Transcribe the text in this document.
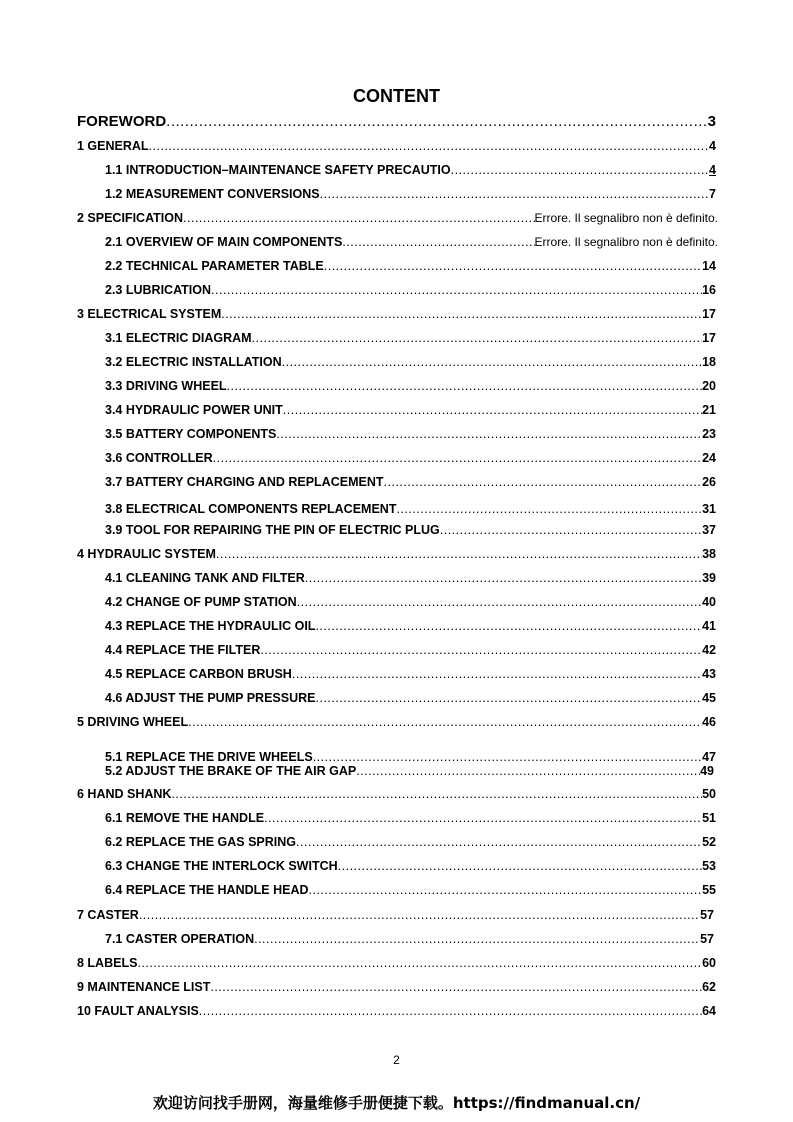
CONTENT
FOREWORD .....	3
1 GENERAL .....	4
1.1 INTRODUCTION–MAINTENANCE SAFETY PRECAUTIO .....	4
1.2 MEASUREMENT CONVERSIONS .....	7
2 SPECIFICATION .....	Errore. Il segnalibro non è definito.
2.1 OVERVIEW OF MAIN COMPONENTS .....	Errore. Il segnalibro non è definito.
2.2 TECHNICAL PARAMETER TABLE .....	14
2.3 LUBRICATION .....	16
3 ELECTRICAL SYSTEM .....	17
3.1 ELECTRIC DIAGRAM .....	17
3.2 ELECTRIC INSTALLATION .....	18
3.3 DRIVING WHEEL .....	20
3.4 HYDRAULIC POWER UNIT .....	21
3.5 BATTERY COMPONENTS .....	23
3.6 CONTROLLER .....	24
3.7 BATTERY CHARGING AND REPLACEMENT .....	26
3.8 ELECTRICAL COMPONENTS REPLACEMENT .....	31
3.9 TOOL FOR REPAIRING THE PIN OF ELECTRIC PLUG .....	37
4 HYDRAULIC SYSTEM .....	38
4.1 CLEANING TANK AND FILTER .....	39
4.2 CHANGE OF PUMP STATION .....	40
4.3 REPLACE THE HYDRAULIC OIL .....	41
4.4 REPLACE THE FILTER .....	42
4.5 REPLACE CARBON BRUSH .....	43
4.6 ADJUST THE PUMP PRESSURE .....	45
5 DRIVING WHEEL .....	46
5.1 REPLACE THE DRIVE WHEELS .....	47
5.2 ADJUST THE BRAKE OF THE AIR GAP .....	49
6 HAND SHANK .....	50
6.1 REMOVE THE HANDLE .....	51
6.2 REPLACE THE GAS SPRING .....	52
6.3 CHANGE THE INTERLOCK SWITCH .....	53
6.4 REPLACE THE HANDLE HEAD .....	55
7 CASTER .....	57
7.1 CASTER OPERATION .....	57
8 LABELS .....	60
9 MAINTENANCE LIST .....	62
10 FAULT ANALYSIS .....	64
2
欢迎访问找手册网，海量维修手册便捷下载。https://findmanual.cn/
